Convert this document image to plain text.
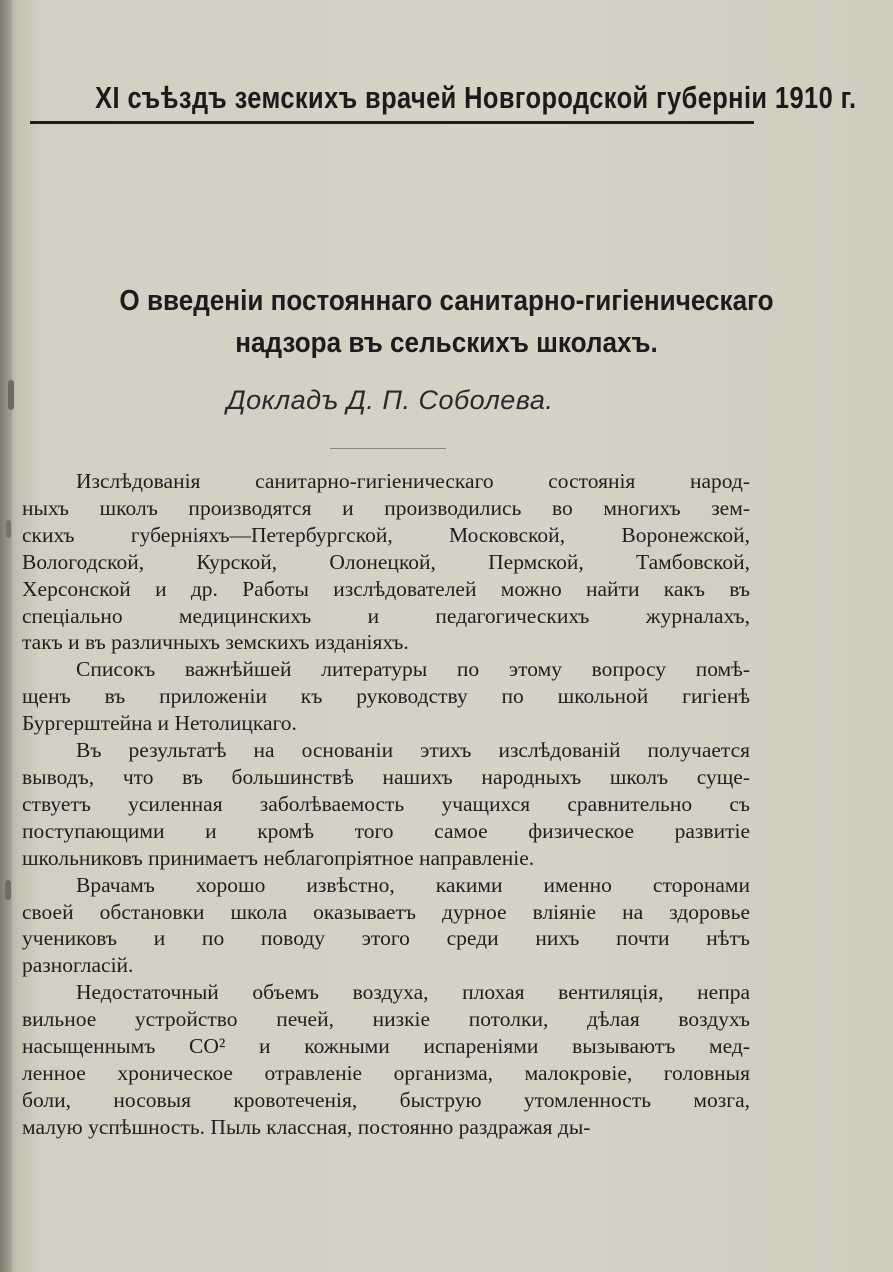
XI съѣздъ земскихъ врачей Новгородской губерніи 1910 г.
О введеніи постояннаго санитарно-гигіеническаго
надзора въ сельскихъ школахъ.
Докладъ Д. П. Соболева.
Изслѣдованія санитарно-гигіеническаго состоянія народ-
ныхъ школъ производятся и производились во многихъ зем-
скихъ губерніяхъ—Петербургской, Московской, Воронежской,
Вологодской, Курской, Олонецкой, Пермской, Тамбовской,
Херсонской и др. Работы изслѣдователей можно найти какъ въ
спеціально медицинскихъ и педагогическихъ журналахъ,
такъ и въ различныхъ земскихъ изданіяхъ.
Списокъ важнѣйшей литературы по этому вопросу помѣ-
щенъ въ приложеніи къ руководству по школьной гигіенѣ
Бургерштейна и Нетолицкаго.
Въ результатѣ на основаніи этихъ изслѣдованій получается
выводъ, что въ большинствѣ нашихъ народныхъ школъ суще-
ствуетъ усиленная заболѣваемость учащихся сравнительно съ
поступающими и кромѣ того самое физическое развитіе
школьниковъ принимаетъ неблагопріятное направленіе.
Врачамъ хорошо извѣстно, какими именно сторонами
своей обстановки школа оказываетъ дурное вліяніе на здоровье
учениковъ и по поводу этого среди нихъ почти нѣтъ
разногласій.
Недостаточный объемъ воздуха, плохая вентиляція, непра
вильное устройство печей, низкіе потолки, дѣлая воздухъ
насыщеннымъ CO² и кожными испареніями вызываютъ мед-
ленное хроническое отравленіе организма, малокровіе, головныя
боли, носовыя кровотеченія, быструю утомленность мозга,
малую успѣшность. Пыль классная, постоянно раздражая ды-
